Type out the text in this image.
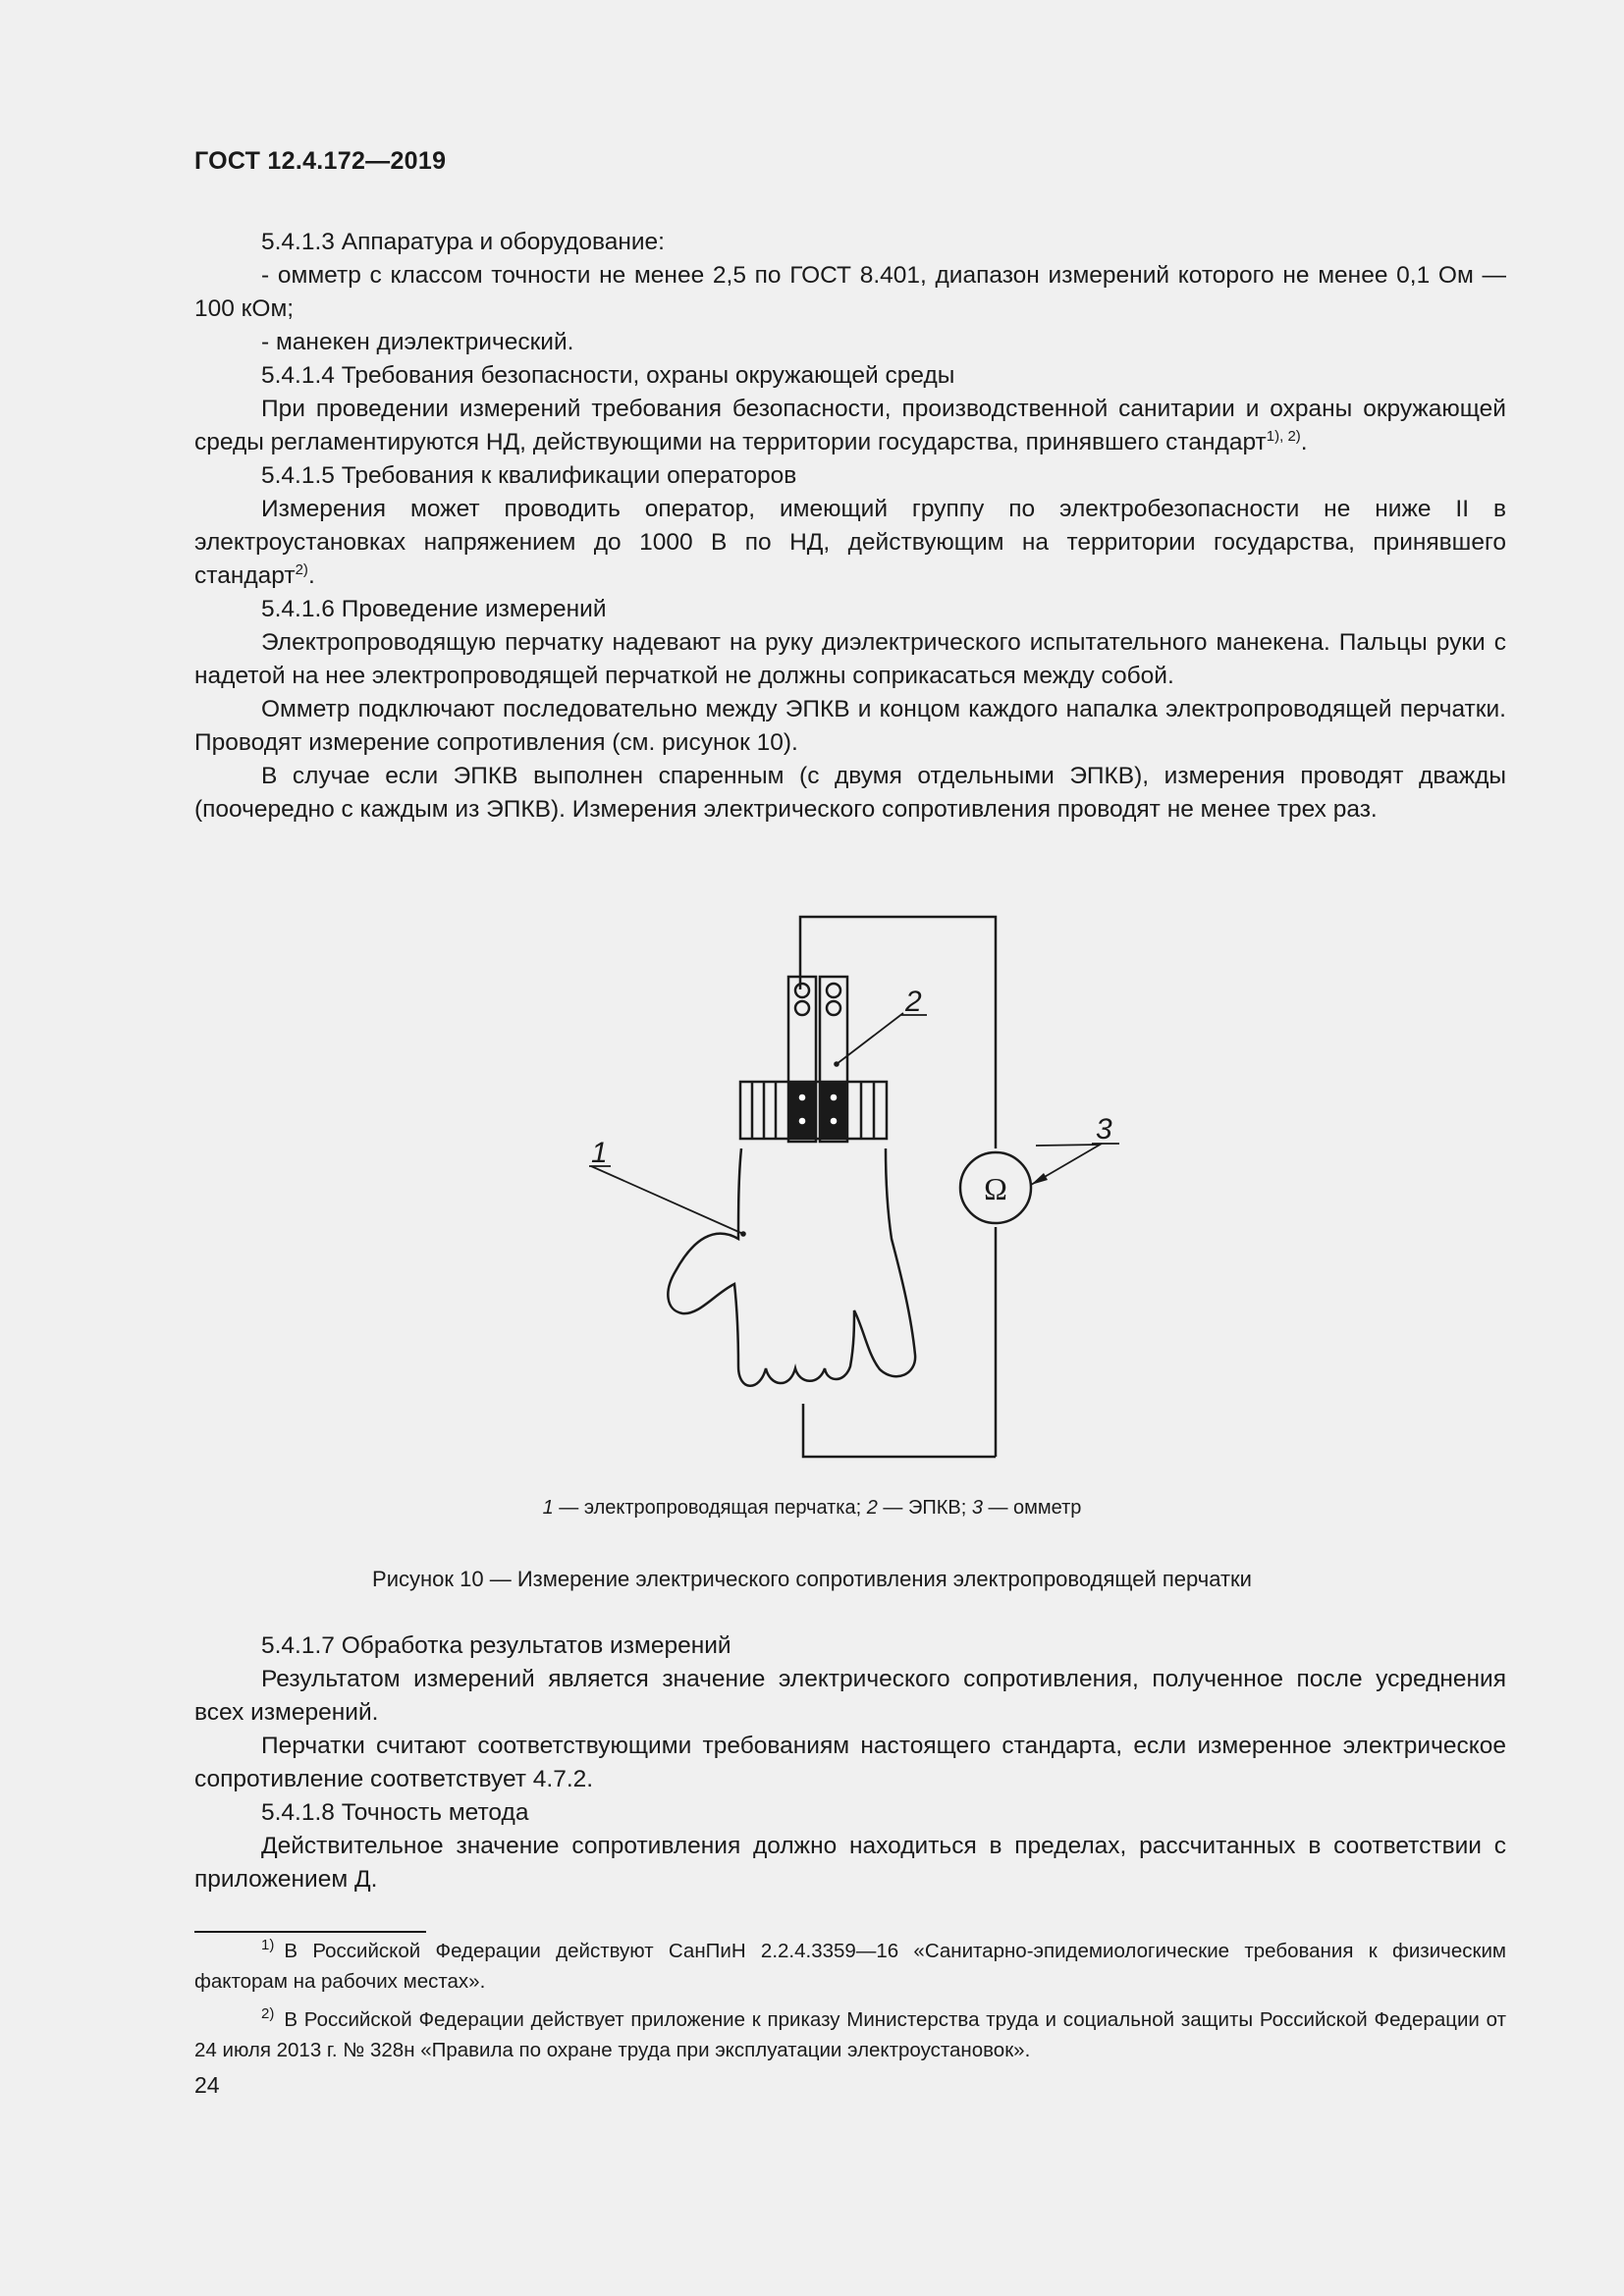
ГОСТ 12.4.172—2019

5.4.1.3 Аппаратура и оборудование:

- омметр с классом точности не менее 2,5 по ГОСТ 8.401, диапазон измерений которого не менее 0,1 Ом — 100 кОм;

- манекен диэлектрический.

5.4.1.4 Требования безопасности, охраны окружающей среды

При проведении измерений требования безопасности, производственной санитарии и охраны окружающей среды регламентируются НД, действующими на территории государства, принявшего стандарт$^{1), 2)}$.

5.4.1.5 Требования к квалификации операторов

Измерения может проводить оператор, имеющий группу по электробезопасности не ниже II в электроустановках напряжением до 1000 В по НД, действующим на территории государства, принявшего стандарт$^{2)}$.

5.4.1.6 Проведение измерений

Электропроводящую перчатку надевают на руку диэлектрического испытательного манекена. Пальцы руки с надетой на нее электропроводящей перчаткой не должны соприкасаться между собой.

Омметр подключают последовательно между ЭПКВ и концом каждого напалка электропроводящей перчатки. Проводят измерение сопротивления (см. рисунок 10).

В случае если ЭПКВ выполнен спаренным (с двумя отдельными ЭПКВ), измерения проводят дважды (поочередно с каждым из ЭПКВ). Измерения электрического сопротивления проводят не менее трех раз.

1
2
3
Ω
1 — электропроводящая перчатка; 2 — ЭПКВ; 3 — омметр
Рисунок 10 — Измерение электрического сопротивления электропроводящей перчатки

5.4.1.7 Обработка результатов измерений

Результатом измерений является значение электрического сопротивления, полученное после усреднения всех измерений.

Перчатки считают соответствующими требованиям настоящего стандарта, если измеренное электрическое сопротивление соответствует 4.7.2.

5.4.1.8 Точность метода

Действительное значение сопротивления должно находиться в пределах, рассчитанных в соответствии с приложением Д.

$^{1)}$ В Российской Федерации действуют СанПиН 2.2.4.3359—16 «Санитарно-эпидемиологические требования к физическим факторам на рабочих местах».

$^{2)}$ В Российской Федерации действует приложение к приказу Министерства труда и социальной защиты Российской Федерации от 24 июля 2013 г. № 328н «Правила по охране труда при эксплуатации электроустановок».

24
